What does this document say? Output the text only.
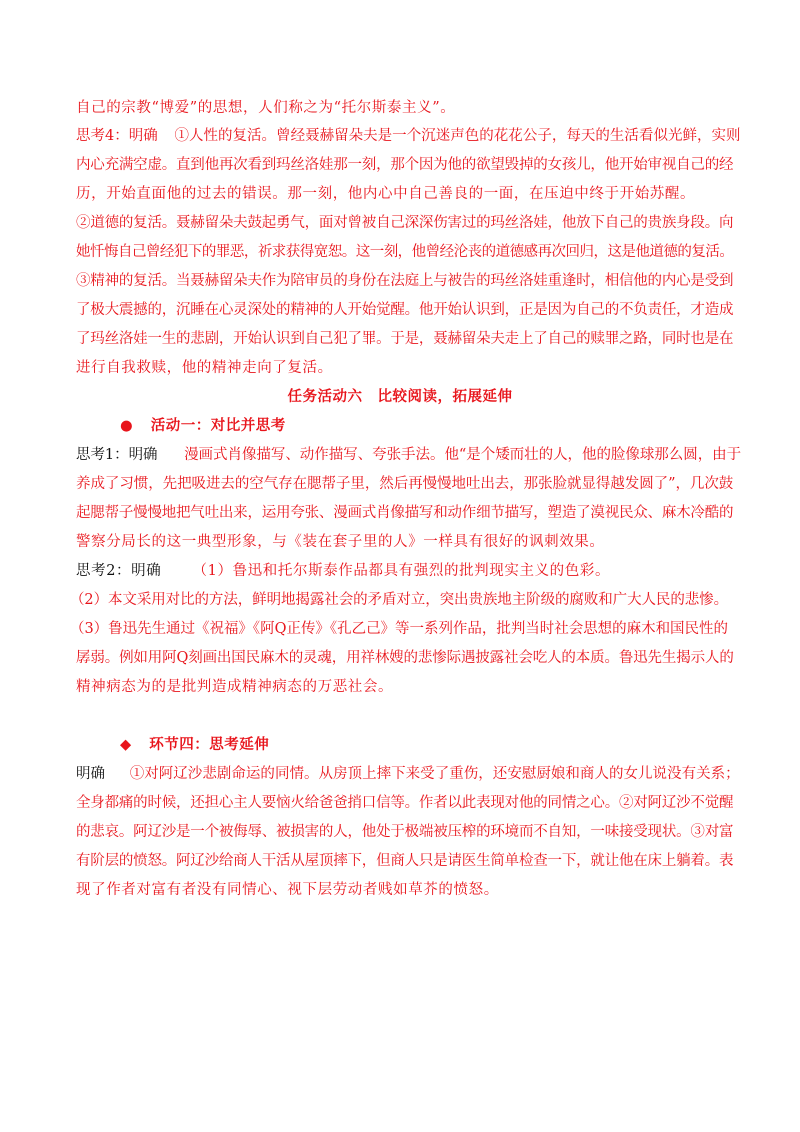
自己的宗教“博爱”的思想，人们称之为“托尔斯泰主义”。
思考4：明确 ①人性的复活。曾经聂赫留朵夫是一个沉迷声色的花花公子，每天的生活看似光鲜，实则
内心充满空虚。直到他再次看到玛丝洛娃那一刻，那个因为他的欲望毁掉的女孩儿，他开始审视自己的经
历，开始直面他的过去的错误。那一刻，他内心中自己善良的一面，在压迫中终于开始苏醒。
②道德的复活。聂赫留朵夫鼓起勇气，面对曾被自己深深伤害过的玛丝洛娃，他放下自己的贵族身段。向
她忏悔自己曾经犯下的罪恶，祈求获得宽恕。这一刻，他曾经沦丧的道德感再次回归，这是他道德的复活。
③精神的复活。当聂赫留朵夫作为陪审员的身份在法庭上与被告的玛丝洛娃重逢时，相信他的内心是受到
了极大震撼的，沉睡在心灵深处的精神的人开始觉醒。他开始认识到，正是因为自己的不负责任，才造成
了玛丝洛娃一生的悲剧，开始认识到自己犯了罪。于是，聂赫留朵夫走上了自己的赎罪之路，同时也是在
进行自我救赎，他的精神走向了复活。
任务活动六　比较阅读，拓展延伸
● 活动一：对比并思考
思考1：明确 漫画式肖像描写、动作描写、夸张手法。他“是个矮而壮的人，他的脸像球那么圆，由于
养成了习惯，先把吸进去的空气存在腮帮子里，然后再慢慢地吐出去，那张脸就显得越发圆了”，几次鼓
起腮帮子慢慢地把气吐出来，运用夸张、漫画式肖像描写和动作细节描写，塑造了漠视民众、麻木冷酷的
警察分局长的这一典型形象，与《装在套子里的人》一样具有很好的讽刺效果。
思考2：明确 （1）鲁迅和托尔斯泰作品都具有强烈的批判现实主义的色彩。
（2）本文采用对比的方法，鲜明地揭露社会的矛盾对立，突出贵族地主阶级的腐败和广大人民的悲惨。
（3）鲁迅先生通过《祝福》《阿Q正传》《孔乙己》等一系列作品，批判当时社会思想的麻木和国民性的
孱弱。例如用阿Q刻画出国民麻木的灵魂，用祥林嫂的悲惨际遇披露社会吃人的本质。鲁迅先生揭示人的
精神病态为的是批判造成精神病态的万恶社会。
◆ 环节四：思考延伸
明确 ①对阿辽沙悲剧命运的同情。从房顶上摔下来受了重伤，还安慰厨娘和商人的女儿说没有关系；
全身都痛的时候，还担心主人要恼火给爸爸捎口信等。作者以此表现对他的同情之心。②对阿辽沙不觉醒
的悲哀。阿辽沙是一个被侮辱、被损害的人，他处于极端被压榨的环境而不自知，一味接受现状。③对富
有阶层的愤怒。阿辽沙给商人干活从屋顶摔下，但商人只是请医生简单检查一下，就让他在床上躺着。表
现了作者对富有者没有同情心、视下层劳动者贱如草芥的愤怒。
